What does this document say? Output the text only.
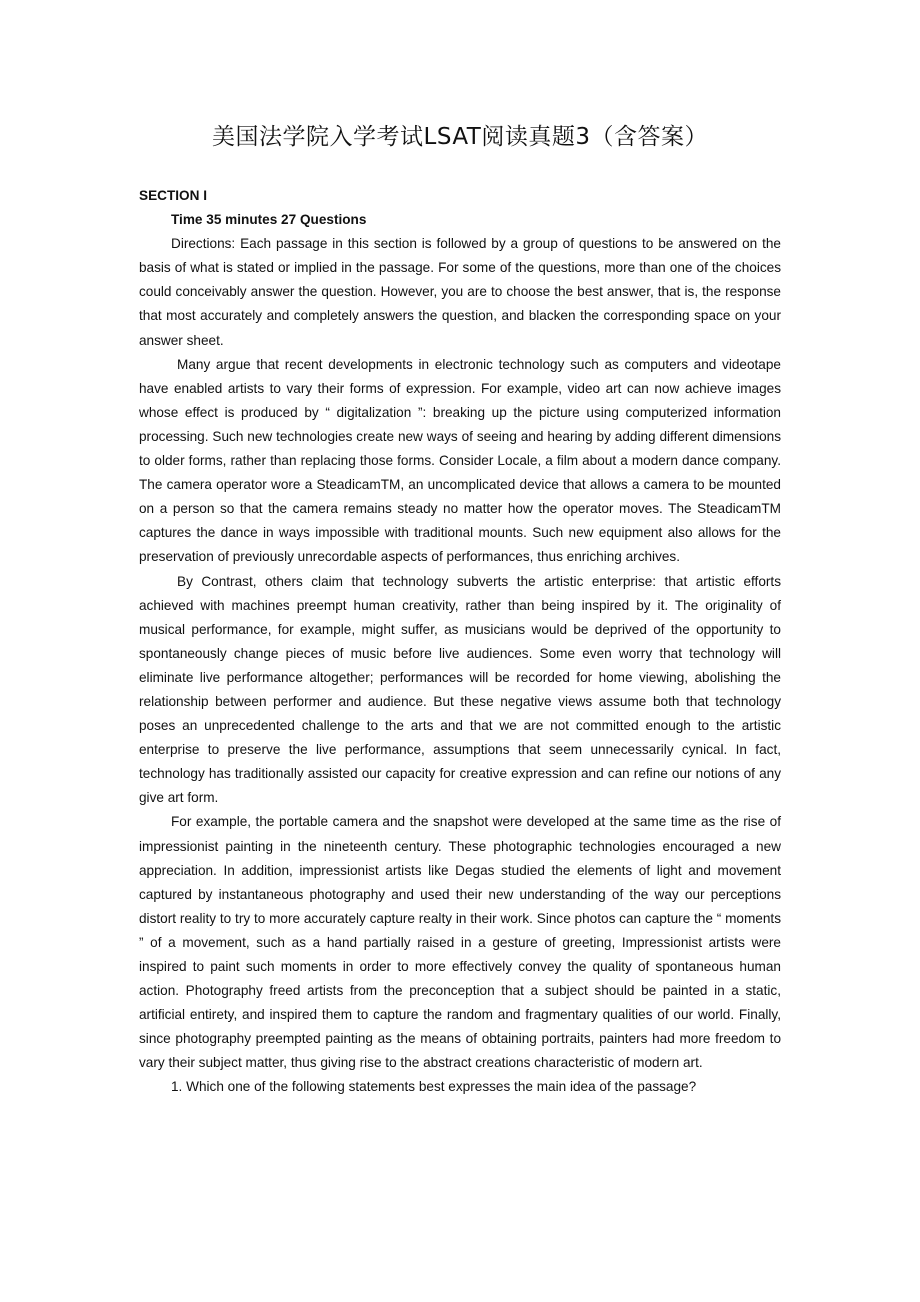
美国法学院入学考试LSAT阅读真题3（含答案）

SECTION I

Time 35 minutes 27 Questions

Directions: Each passage in this section is followed by a group of questions to be answered on the basis of what is stated or implied in the passage. For some of the questions, more than one of the choices could conceivably answer the question. However, you are to choose the best answer, that is, the response that most accurately and completely answers the question, and blacken the corresponding space on your answer sheet.

Many argue that recent developments in electronic technology such as computers and videotape have enabled artists to vary their forms of expression. For example, video art can now achieve images whose effect is produced by “ digitalization ”: breaking up the picture using computerized information processing. Such new technologies create new ways of seeing and hearing by adding different dimensions to older forms, rather than replacing those forms. Consider Locale, a film about a modern dance company. The camera operator wore a SteadicamTM, an uncomplicated device that allows a camera to be mounted on a person so that the camera remains steady no matter how the operator moves. The SteadicamTM captures the dance in ways impossible with traditional mounts. Such new equipment also allows for the preservation of previously unrecordable aspects of performances, thus enriching archives.

By Contrast, others claim that technology subverts the artistic enterprise: that artistic efforts achieved with machines preempt human creativity, rather than being inspired by it. The originality of musical performance, for example, might suffer, as musicians would be deprived of the opportunity to spontaneously change pieces of music before live audiences. Some even worry that technology will eliminate live performance altogether; performances will be recorded for home viewing, abolishing the relationship between performer and audience. But these negative views assume both that technology poses an unprecedented challenge to the arts and that we are not committed enough to the artistic enterprise to preserve the live performance, assumptions that seem unnecessarily cynical. In fact, technology has traditionally assisted our capacity for creative expression and can refine our notions of any give art form.

For example, the portable camera and the snapshot were developed at the same time as the rise of impressionist painting in the nineteenth century. These photographic technologies encouraged a new appreciation. In addition, impressionist artists like Degas studied the elements of light and movement captured by instantaneous photography and used their new understanding of the way our perceptions distort reality to try to more accurately capture realty in their work. Since photos can capture the “ moments ” of a movement, such as a hand partially raised in a gesture of greeting, Impressionist artists were inspired to paint such moments in order to more effectively convey the quality of spontaneous human action. Photography freed artists from the preconception that a subject should be painted in a static, artificial entirety, and inspired them to capture the random and fragmentary qualities of our world. Finally, since photography preempted painting as the means of obtaining portraits, painters had more freedom to vary their subject matter, thus giving rise to the abstract creations characteristic of modern art.

1. Which one of the following statements best expresses the main idea of the passage?
